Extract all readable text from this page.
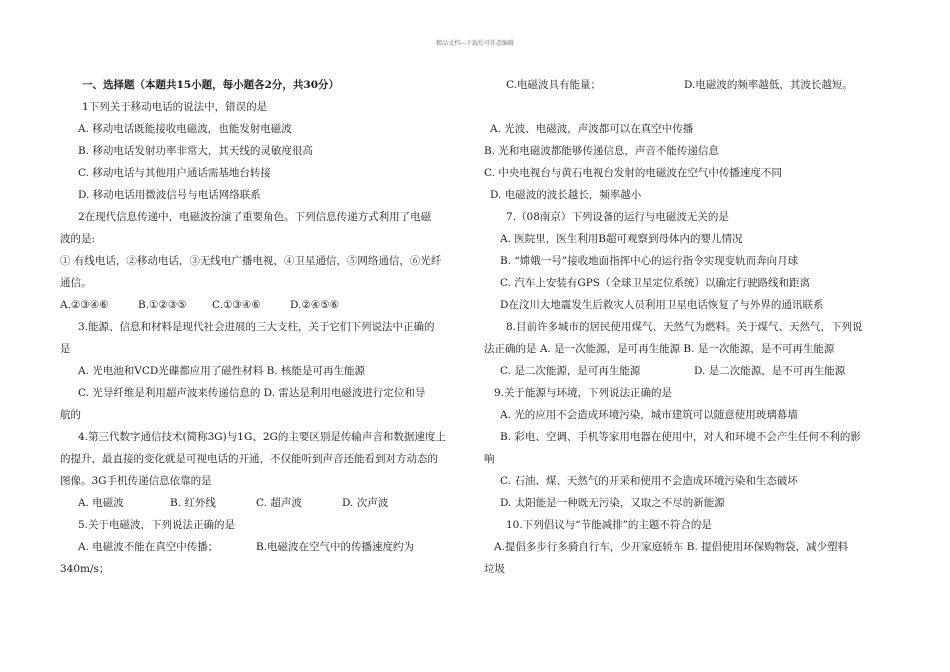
精品文档---下载后可任意编辑
一、选择题（本题共15小题，每小题各2分，共30分）
1下列关于移动电话的说法中，错误的是
A. 移动电话既能接收电磁波，也能发射电磁波
B. 移动电话发射功率非常大，其天线的灵敏度很高
C. 移动电话与其他用户通话需基地台转接
D. 移动电话用微波信号与电话网络联系
2在现代信息传递中，电磁波扮演了重要角色。下列信息传递方式利用了电磁
波的是:
① 有线电话，②移动电话，③无线电广播电视，④卫星通信，⑤网络通信，⑥光纤
通信。
A.②③④⑥	B.①②③⑤ C.①③④⑥	D.②④⑤⑥
3.能源、信息和材料是现代社会进展的三大支柱，关于它们下列说法中正确的
是
A. 光电池和VCD光碟都应用了磁性材料 B. 核能是可再生能源
C. 光导纤维是利用超声波来传递信息的 D. 雷达是利用电磁波进行定位和导
航的
4.第三代数字通信技术(简称3G)与1G、2G的主要区别是传输声音和数据速度上
的提升，最直接的变化就是可视电话的开通，不仅能听到声音还能看到对方动态的
图像。3G手机传递信息依靠的是
A. 电磁波	B. 红外线	C. 超声波	D. 次声波
5.关于电磁波，下列说法正确的是
A. 电磁波不能在真空中传播；	B.电磁波在空气中的传播速度约为
340m/s；
C.电磁波具有能量；	D.电磁波的频率越低，其波长越短。
A. 光波、电磁波，声波都可以在真空中传播
B. 光和电磁波都能够传递信息，声音不能传递信息
C. 中央电视台与黄石电视台发射的电磁波在空气中传播速度不同
D. 电磁波的波长越长，频率越小
7.（08南京）下列设备的运行与电磁波无关的是
A. 医院里，医生利用B超可观察到母体内的婴儿情况
B. “嫦娥一号”接收地面指挥中心的运行指令实现变轨而奔向月球
C. 汽车上安装有GPS（全球卫星定位系统）以确定行驶路线和距离
D在汶川大地震发生后救灾人员利用卫星电话恢复了与外界的通讯联系
8.目前许多城市的居民使用煤气、天然气为燃料。关于煤气、天然气，下列说
法正确的是 A. 是一次能源，是可再生能源 B. 是一次能源，是不可再生能源
C. 是二次能源，是可再生能源	D. 是二次能源，是不可再生能源
9.关于能源与环境，下列说法正确的是
A. 光的应用不会造成环境污染，城市建筑可以随意使用玻璃幕墙
B. 彩电、空调、手机等家用电器在使用中，对人和环境不会产生任何不利的影
响
C. 石油、煤、天然气的开采和使用不会造成环境污染和生态破坏
D. 太阳能是一种既无污染，又取之不尽的新能源
10.下列倡议与“节能减排”的主题不符合的是
A.提倡多步行多骑自行车，少开家庭轿车 B. 提倡使用环保购物袋，减少塑料
垃圾
